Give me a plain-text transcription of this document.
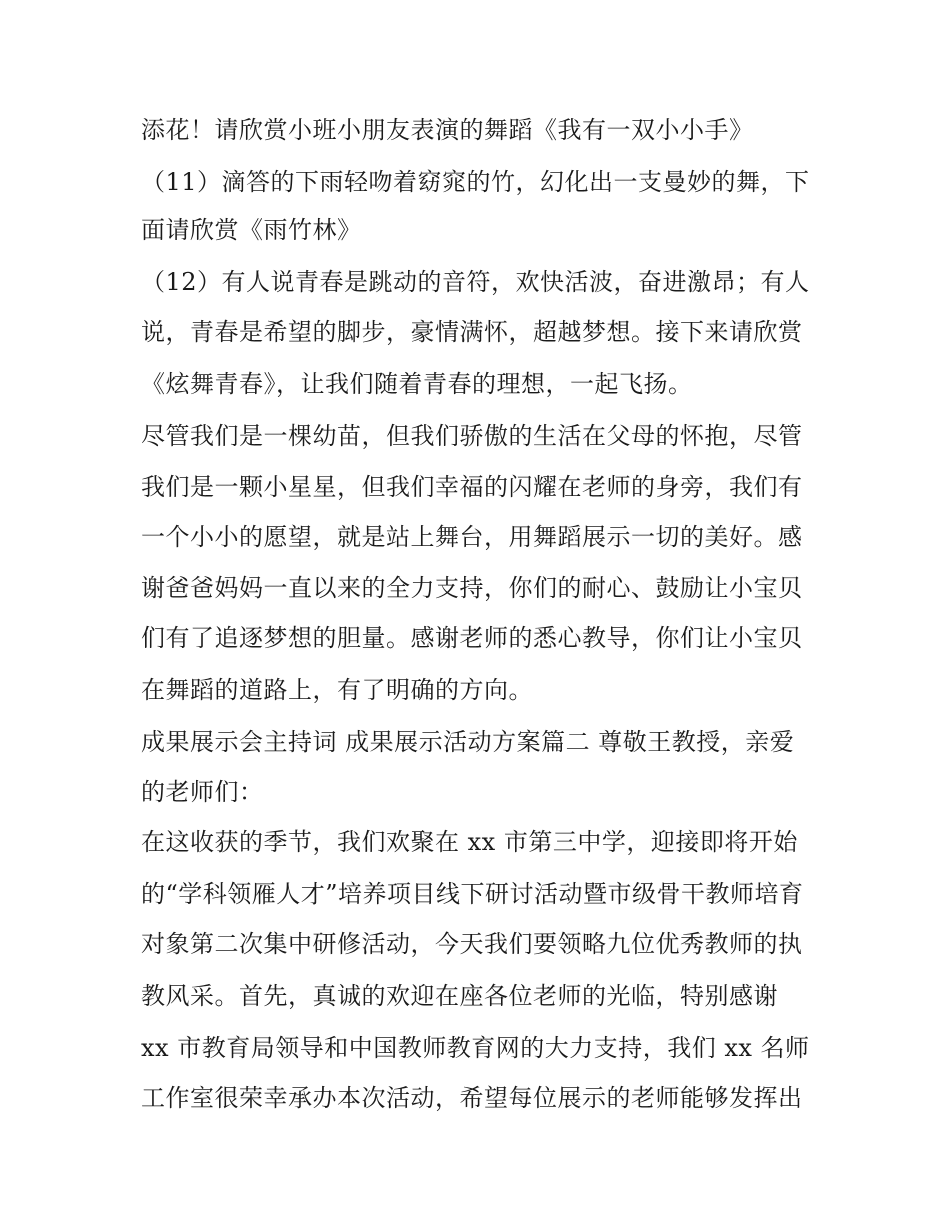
添花！请欣赏小班小朋友表演的舞蹈《我有一双小小手》
（11）滴答的下雨轻吻着窈窕的竹，幻化出一支曼妙的舞，下
面请欣赏《雨竹林》
（12）有人说青春是跳动的音符，欢快活波，奋进激昂；有人
说，青春是希望的脚步，豪情满怀，超越梦想。接下来请欣赏
《炫舞青春》，让我们随着青春的理想，一起飞扬。
尽管我们是一棵幼苗，但我们骄傲的生活在父母的怀抱，尽管
我们是一颗小星星，但我们幸福的闪耀在老师的身旁，我们有
一个小小的愿望，就是站上舞台，用舞蹈展示一切的美好。感
谢爸爸妈妈一直以来的全力支持，你们的耐心、鼓励让小宝贝
们有了追逐梦想的胆量。感谢老师的悉心教导，你们让小宝贝
在舞蹈的道路上，有了明确的方向。
成果展示会主持词 成果展示活动方案篇二 尊敬王教授，亲爱
的老师们：
在这收获的季节，我们欢聚在 xx 市第三中学，迎接即将开始
的“学科领雁人才”培养项目线下研讨活动暨市级骨干教师培育
对象第二次集中研修活动，今天我们要领略九位优秀教师的执
教风采。首先，真诚的欢迎在座各位老师的光临，特别感谢
xx 市教育局领导和中国教师教育网的大力支持，我们 xx 名师
工作室很荣幸承办本次活动，希望每位展示的老师能够发挥出
